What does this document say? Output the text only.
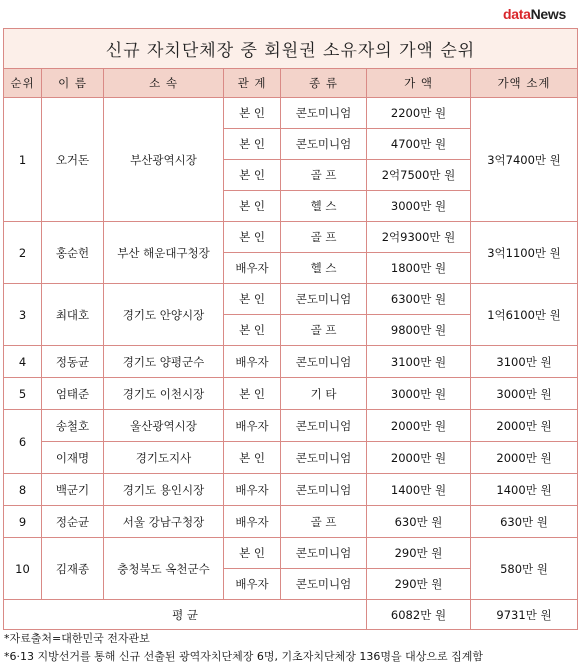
dataNews
신규 자치단체장 중 회원권 소유자의 가액 순위						
순위	이 름	소 속	관 계	종 류	가 액	가액 소계
1	오거돈	부산광역시장	본 인	콘도미니엄	2200만 원	3억7400만 원
			본 인	콘도미니엄	4700만 원	
			본 인	골 프	2억7500만 원	
			본 인	헬 스	3000만 원	
2	홍순헌	부산 해운대구청장	본 인	골 프	2억9300만 원	3억1100만 원
			배우자	헬 스	1800만 원	
3	최대호	경기도 안양시장	본 인	콘도미니엄	6300만 원	1억6100만 원
			본 인	골 프	9800만 원	
4	정동균	경기도 양평군수	배우자	콘도미니엄	3100만 원	3100만 원
5	엄태준	경기도 이천시장	본 인	기 타	3000만 원	3000만 원
6	송철호	울산광역시장	배우자	콘도미니엄	2000만 원	2000만 원
	이재명	경기도지사	본 인	콘도미니엄	2000만 원	2000만 원
8	백군기	경기도 용인시장	배우자	콘도미니엄	1400만 원	1400만 원
9	정순균	서울 강남구청장	배우자	골 프	630만 원	630만 원
10	김재종	충청북도 옥천군수	본 인	콘도미니엄	290만 원	580만 원
			배우자	콘도미니엄	290만 원	
평 균					6082만 원	9731만 원
*자료출처=대한민국 전자관보
*6·13 지방선거를 통해 신규 선출된 광역자치단체장 6명, 기초자치단체장 136명을 대상으로 집계함
